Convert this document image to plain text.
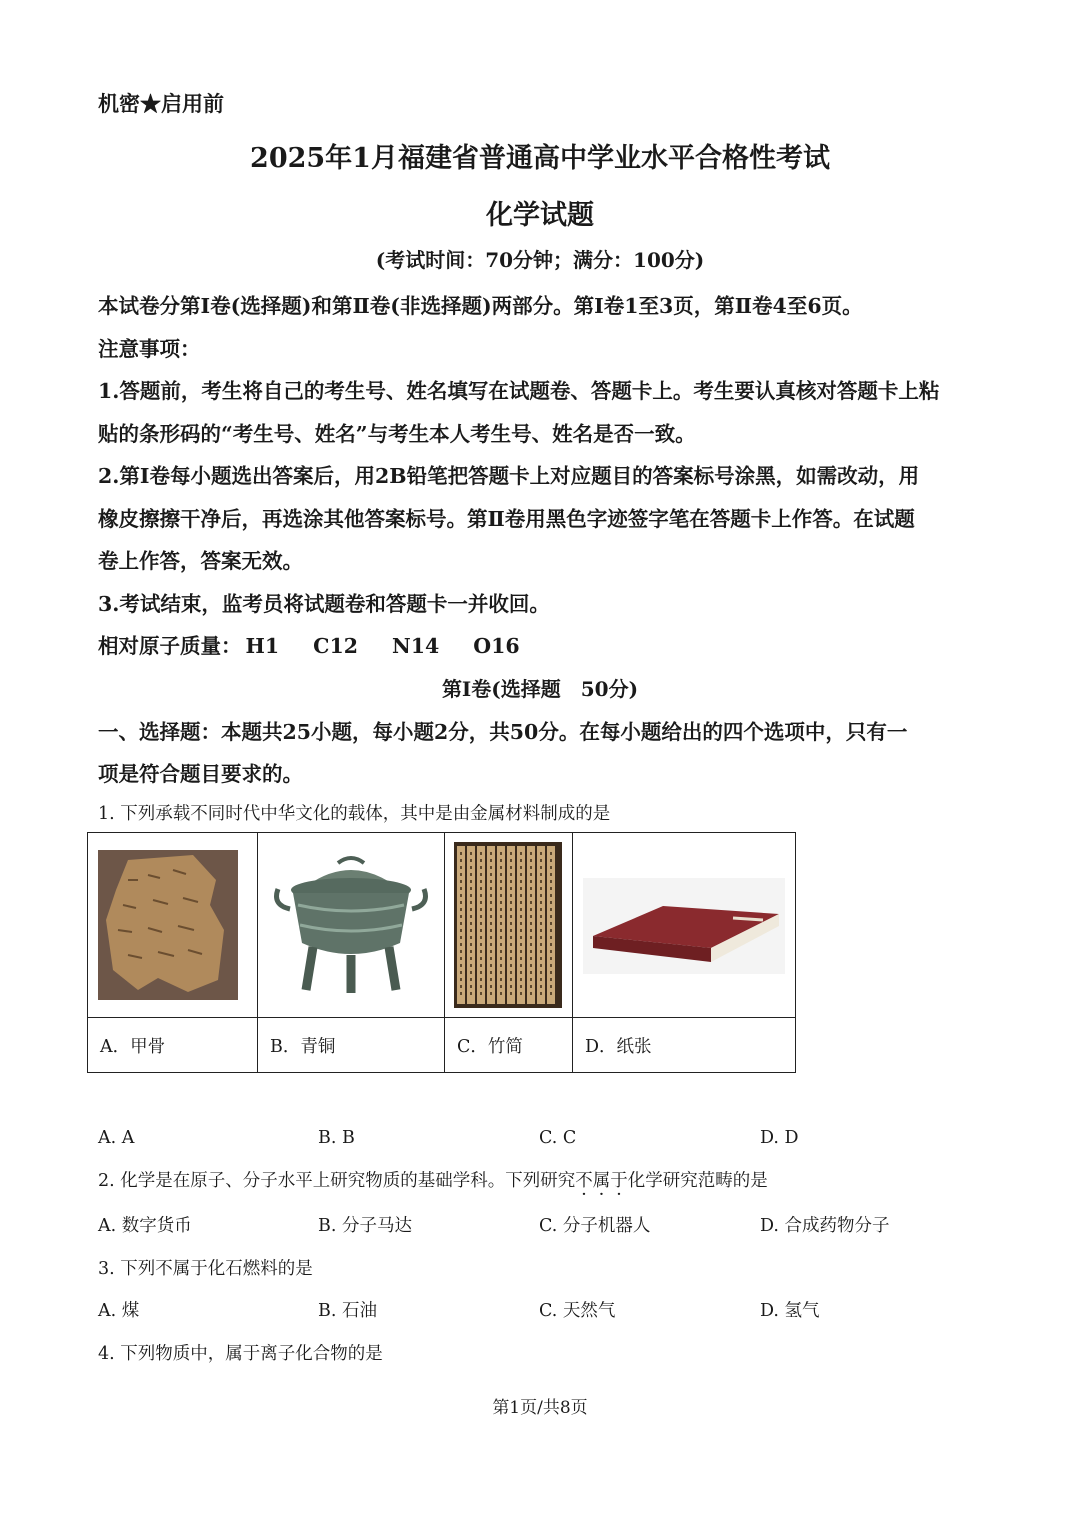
机密★启用前
2025年1月福建省普通高中学业水平合格性考试
化学试题
(考试时间：70分钟；满分：100分)
本试卷分第Ⅰ卷(选择题)和第Ⅱ卷(非选择题)两部分。第Ⅰ卷1至3页，第Ⅱ卷4至6页。
注意事项：
1.答题前，考生将自己的考生号、姓名填写在试题卷、答题卡上。考生要认真核对答题卡上粘
贴的条形码的“考生号、姓名”与考生本人考生号、姓名是否一致。
2.第Ⅰ卷每小题选出答案后，用2B铅笔把答题卡上对应题目的答案标号涂黑，如需改动，用
橡皮擦擦干净后，再选涂其他答案标号。第Ⅱ卷用黑色字迹签字笔在答题卡上作答。在试题
卷上作答，答案无效。
3.考试结束，监考员将试题卷和答题卡一并收回。
相对原子质量： H1 C12 N14 O16
第Ⅰ卷(选择题　50分)
一、选择题：本题共25小题，每小题2分，共50分。在每小题给出的四个选项中，只有一
项是符合题目要求的。
1. 下列承载不同时代中华文化的载体，其中是由金属材料制成的是

A．甲骨	B．青铜	C．竹简	D．纸张
A. A	B. B	C. C	D. D
2. 化学是在原子、分子水平上研究物质的基础学科。下列研究不属于化学研究范畴的是
A. 数字货币	B. 分子马达	C. 分子机器人	D. 合成药物分子
3. 下列不属于化石燃料的是
A. 煤	B. 石油	C. 天然气	D. 氢气
4. 下列物质中，属于离子化合物的是
第1页/共8页
